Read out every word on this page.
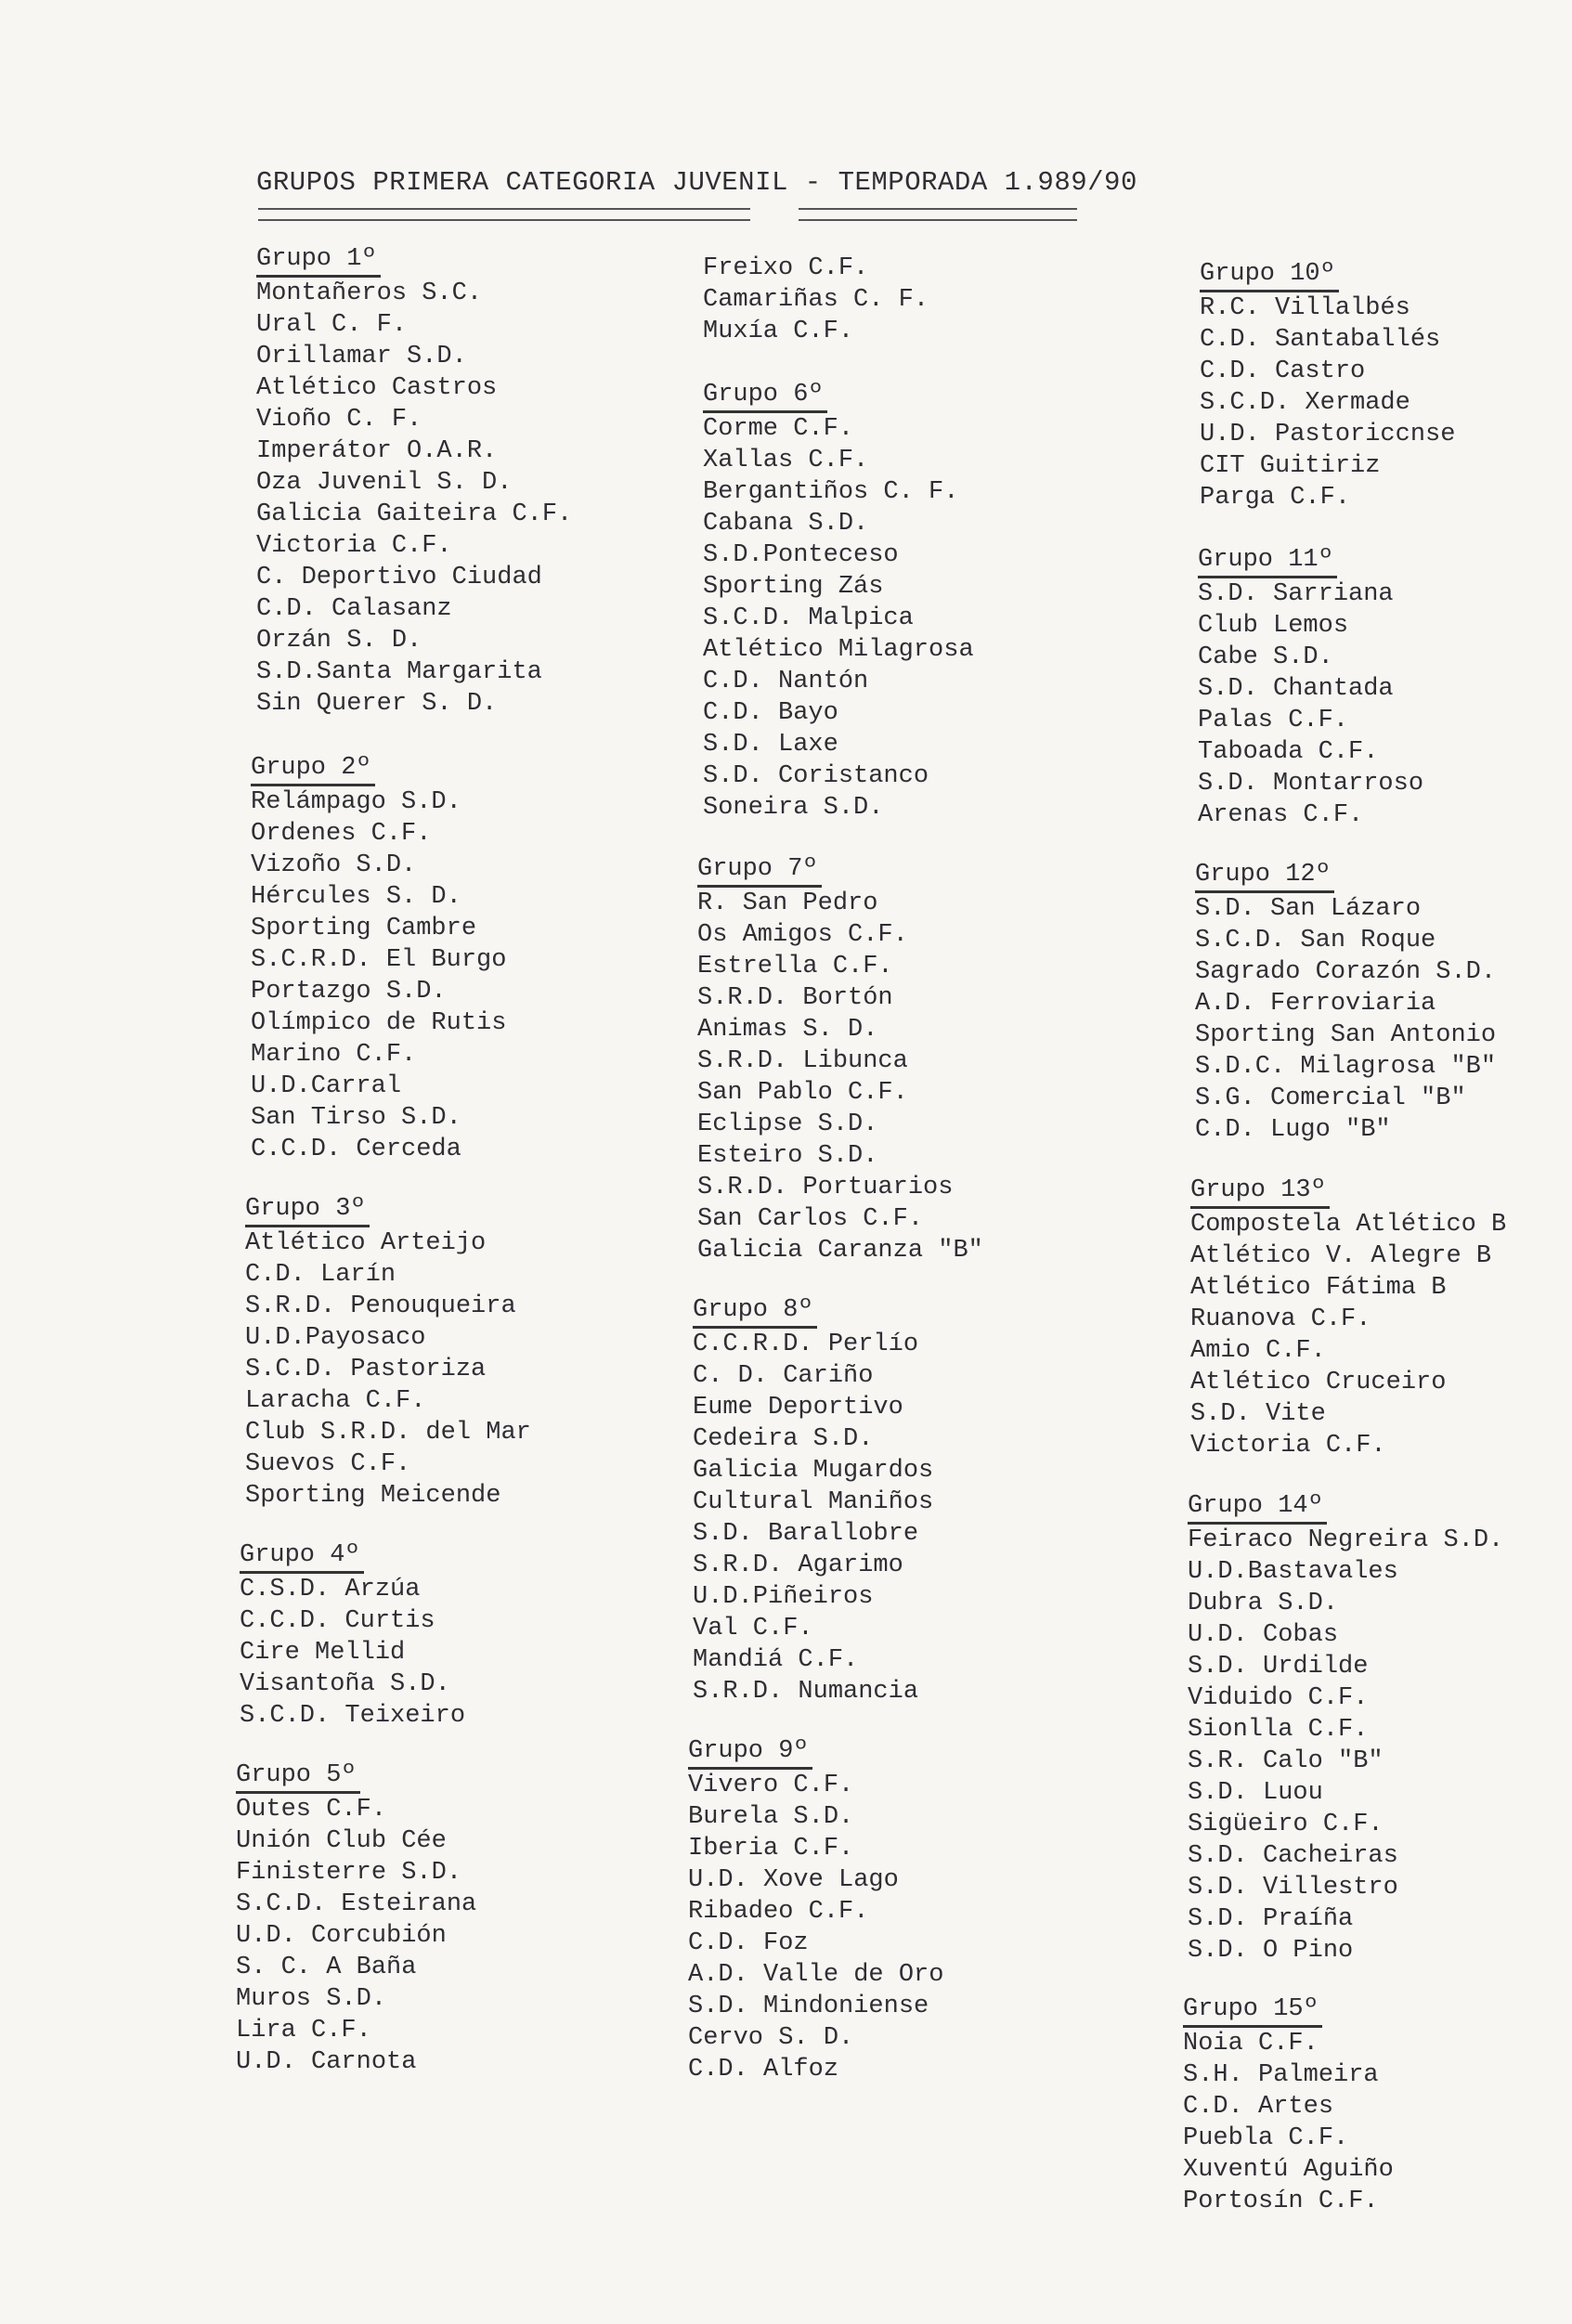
GRUPOS PRIMERA CATEGORIA JUVENIL - TEMPORADA 1.989/90
Grupo 1º
Montañeros S.C.
Ural C. F.
Orillamar S.D.
Atlético Castros
Vioño C. F.
Imperátor O.A.R.
Oza Juvenil S. D.
Galicia Gaiteira C.F.
Victoria C.F.
C. Deportivo Ciudad
C.D. Calasanz
Orzán S. D.
S.D.Santa Margarita
Sin Querer S. D.
Grupo 2º
Relámpago S.D.
Ordenes C.F.
Vizoño S.D.
Hércules S. D.
Sporting Cambre
S.C.R.D. El Burgo
Portazgo S.D.
Olímpico de Rutis
Marino C.F.
U.D.Carral
San Tirso S.D.
C.C.D. Cerceda
Grupo 3º
Atlético Arteijo
C.D. Larín
S.R.D. Penouqueira
U.D.Payosaco
S.C.D. Pastoriza
Laracha C.F.
Club S.R.D. del Mar
Suevos C.F.
Sporting Meicende
Grupo 4º
C.S.D. Arzúa
C.C.D. Curtis
Cire Mellid
Visantoña S.D.
S.C.D. Teixeiro
Grupo 5º
Outes C.F.
Unión Club Cée
Finisterre S.D.
S.C.D. Esteirana
U.D. Corcubión
S. C. A Baña
Muros S.D.
Lira C.F.
U.D. Carnota
Freixo C.F.
Camariñas C. F.
Muxía C.F.
Grupo 6º
Corme C.F.
Xallas C.F.
Bergantiños C. F.
Cabana S.D.
S.D.Ponteceso
Sporting Zás
S.C.D. Malpica
Atlético Milagrosa
C.D. Nantón
C.D. Bayo
S.D. Laxe
S.D. Coristanco
Soneira S.D.
Grupo 7º
R. San Pedro
Os Amigos C.F.
Estrella C.F.
S.R.D. Bortón
Animas S. D.
S.R.D. Libunca
San Pablo C.F.
Eclipse S.D.
Esteiro S.D.
S.R.D. Portuarios
San Carlos C.F.
Galicia Caranza "B"
Grupo 8º
C.C.R.D. Perlío
C. D. Cariño
Eume Deportivo
Cedeira S.D.
Galicia Mugardos
Cultural Maniños
S.D. Barallobre
S.R.D. Agarimo
U.D.Piñeiros
Val C.F.
Mandiá C.F.
S.R.D. Numancia
Grupo 9º
Vivero C.F.
Burela S.D.
Iberia C.F.
U.D. Xove Lago
Ribadeo C.F.
C.D. Foz
A.D. Valle de Oro
S.D. Mindoniense
Cervo S. D.
C.D. Alfoz
Grupo 10º
R.C. Villalbés
C.D. Santaballés
C.D. Castro
S.C.D. Xermade
U.D. Pastoriccnse
CIT Guitiriz
Parga C.F.
Grupo 11º
S.D. Sarriana
Club Lemos
Cabe S.D.
S.D. Chantada
Palas C.F.
Taboada C.F.
S.D. Montarroso
Arenas C.F.
Grupo 12º
S.D. San Lázaro
S.C.D. San Roque
Sagrado Corazón S.D.
A.D. Ferroviaria
Sporting San Antonio
S.D.C. Milagrosa "B"
S.G. Comercial "B"
C.D. Lugo "B"
Grupo 13º
Compostela Atlético B
Atlético V. Alegre B
Atlético Fátima B
Ruanova C.F.
Amio C.F.
Atlético Cruceiro
S.D. Vite
Victoria C.F.
Grupo 14º
Feiraco Negreira S.D.
U.D.Bastavales
Dubra S.D.
U.D. Cobas
S.D. Urdilde
Viduido C.F.
Sionlla C.F.
S.R. Calo "B"
S.D. Luou
Sigüeiro C.F.
S.D. Cacheiras
S.D. Villestro
S.D. Praíña
S.D. O Pino
Grupo 15º
Noia C.F.
S.H. Palmeira
C.D. Artes
Puebla C.F.
Xuventú Aguiño
Portosín C.F.
